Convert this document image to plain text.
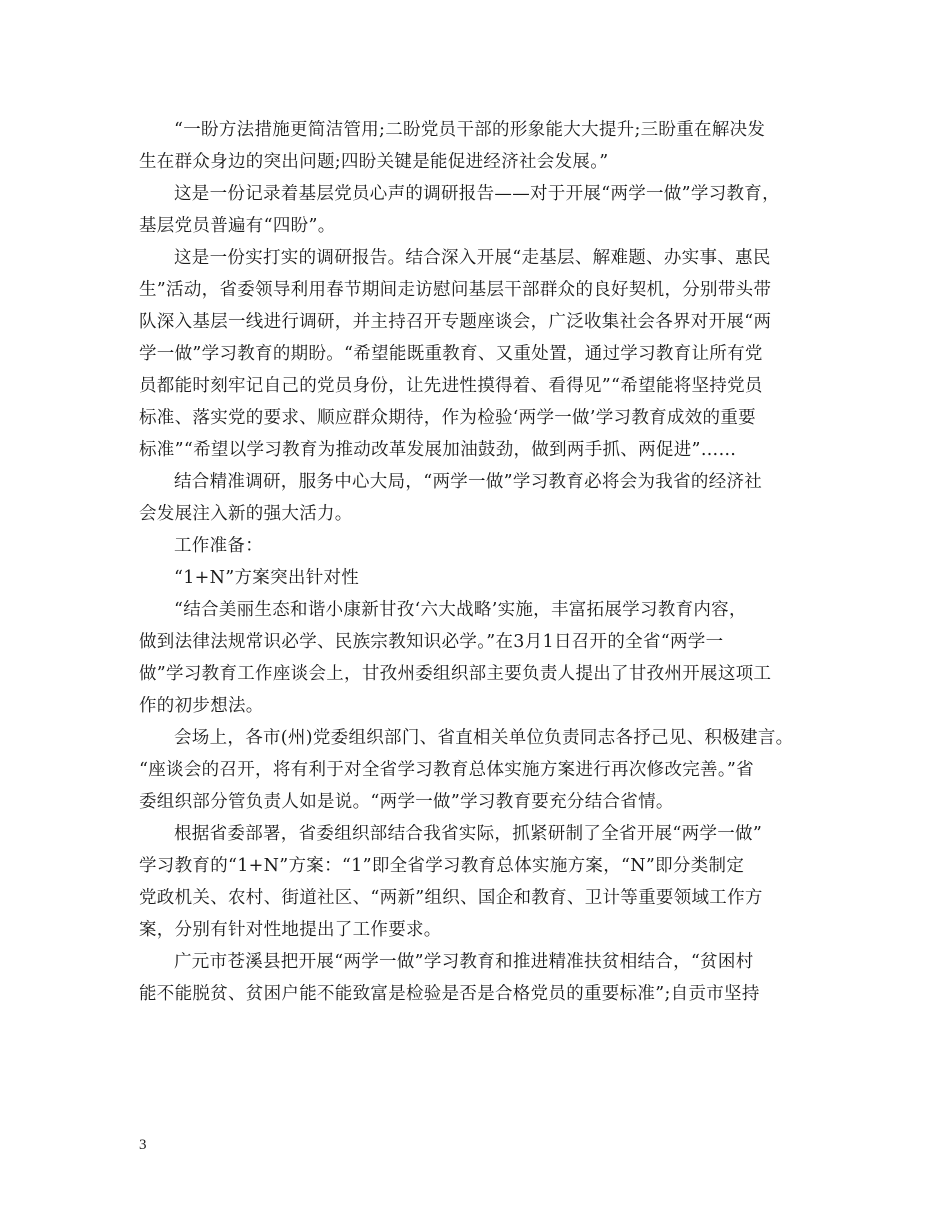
“一盼方法措施更简洁管用;二盼党员干部的形象能大大提升;三盼重在解决发
生在群众身边的突出问题;四盼关键是能促进经济社会发展。”

这是一份记录着基层党员心声的调研报告——对于开展“两学一做”学习教育，
基层党员普遍有“四盼”。

这是一份实打实的调研报告。结合深入开展“走基层、解难题、办实事、惠民
生”活动，省委领导利用春节期间走访慰问基层干部群众的良好契机，分别带头带
队深入基层一线进行调研，并主持召开专题座谈会，广泛收集社会各界对开展“两
学一做”学习教育的期盼。“希望能既重教育、又重处置，通过学习教育让所有党
员都能时刻牢记自己的党员身份，让先进性摸得着、看得见”“希望能将坚持党员
标准、落实党的要求、顺应群众期待，作为检验‘两学一做’学习教育成效的重要
标准”“希望以学习教育为推动改革发展加油鼓劲，做到两手抓、两促进”……

结合精准调研，服务中心大局，“两学一做”学习教育必将会为我省的经济社
会发展注入新的强大活力。

工作准备：

“1+N”方案突出针对性

“结合美丽生态和谐小康新甘孜‘六大战略’实施，丰富拓展学习教育内容，
做到法律法规常识必学、民族宗教知识必学。”在3月1日召开的全省“两学一
做”学习教育工作座谈会上，甘孜州委组织部主要负责人提出了甘孜州开展这项工
作的初步想法。

会场上，各市(州)党委组织部门、省直相关单位负责同志各抒己见、积极建言。
“座谈会的召开，将有利于对全省学习教育总体实施方案进行再次修改完善。”省
委组织部分管负责人如是说。“两学一做”学习教育要充分结合省情。

根据省委部署，省委组织部结合我省实际，抓紧研制了全省开展“两学一做”
学习教育的“1+N”方案：“1”即全省学习教育总体实施方案，“N”即分类制定
党政机关、农村、街道社区、“两新”组织、国企和教育、卫计等重要领域工作方
案，分别有针对性地提出了工作要求。

广元市苍溪县把开展“两学一做”学习教育和推进精准扶贫相结合，“贫困村
能不能脱贫、贫困户能不能致富是检验是否是合格党员的重要标准”;自贡市坚持

3
